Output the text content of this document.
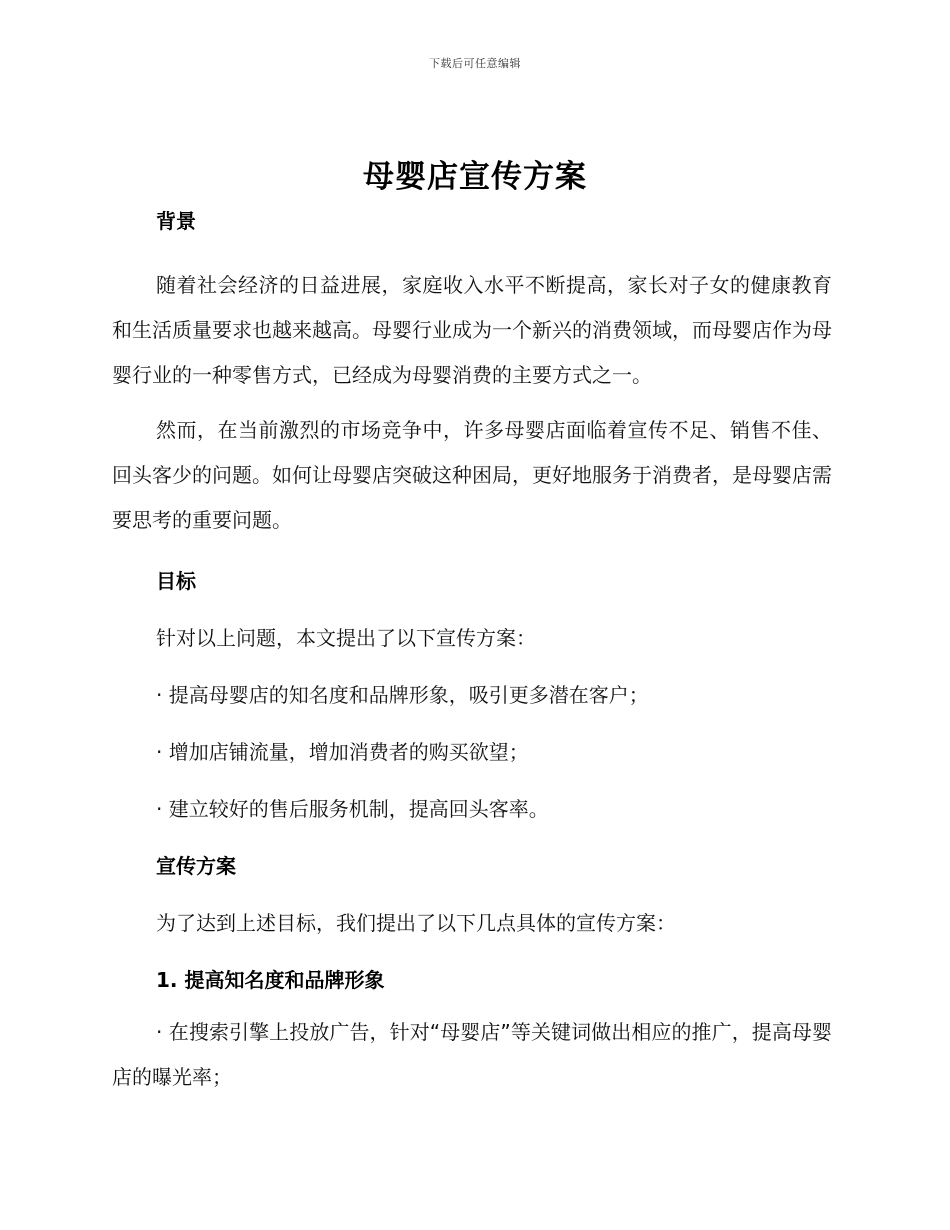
下载后可任意编辑
母婴店宣传方案
背景
随着社会经济的日益进展，家庭收入水平不断提高，家长对子女的健康教育和生活质量要求也越来越高。母婴行业成为一个新兴的消费领域，而母婴店作为母婴行业的一种零售方式，已经成为母婴消费的主要方式之一。
然而，在当前激烈的市场竞争中，许多母婴店面临着宣传不足、销售不佳、回头客少的问题。如何让母婴店突破这种困局，更好地服务于消费者，是母婴店需要思考的重要问题。
目标
针对以上问题，本文提出了以下宣传方案：
· 提高母婴店的知名度和品牌形象，吸引更多潜在客户；
· 增加店铺流量，增加消费者的购买欲望；
· 建立较好的售后服务机制，提高回头客率。
宣传方案
为了达到上述目标，我们提出了以下几点具体的宣传方案：
1. 提高知名度和品牌形象
· 在搜索引擎上投放广告，针对“母婴店”等关键词做出相应的推广，提高母婴店的曝光率；
